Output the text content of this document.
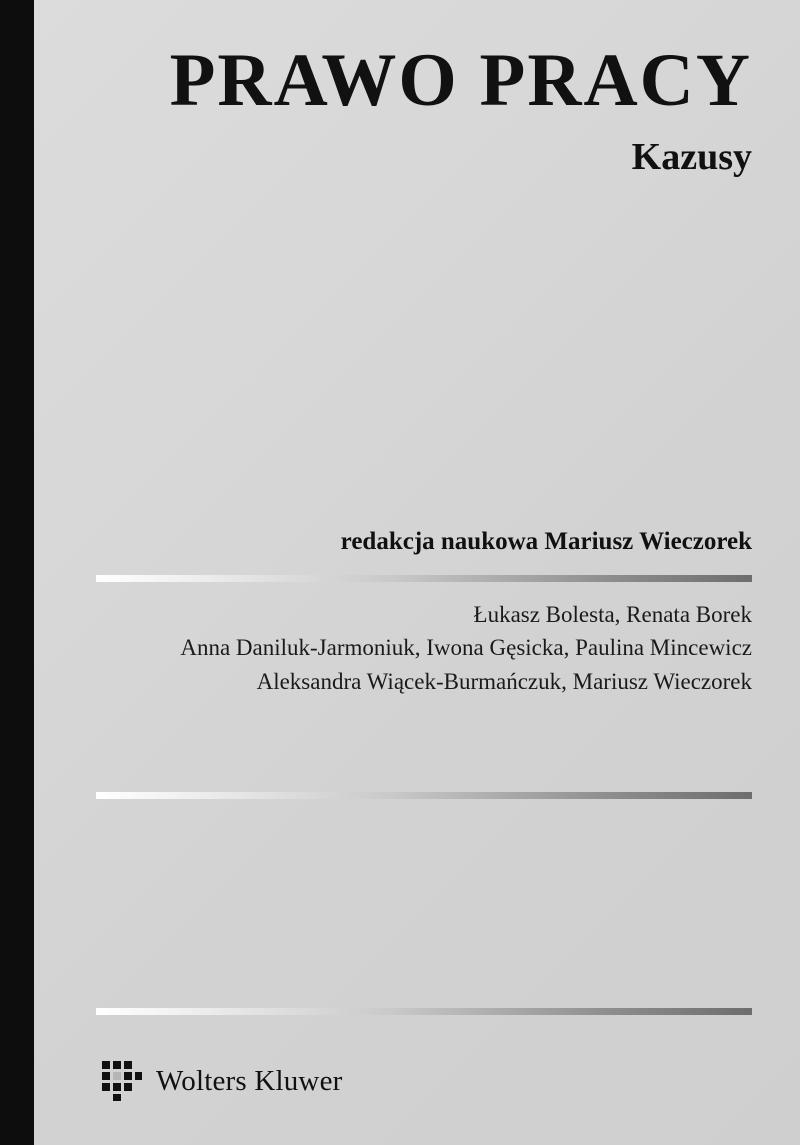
PRAWO PRACY
Kazusy
redakcja naukowa Mariusz Wieczorek
Łukasz Bolesta, Renata Borek
Anna Daniluk-Jarmoniuk, Iwona Gęsicka, Paulina Mincewicz
Aleksandra Wiącek-Burmańczuk, Mariusz Wieczorek
Wolters Kluwer
